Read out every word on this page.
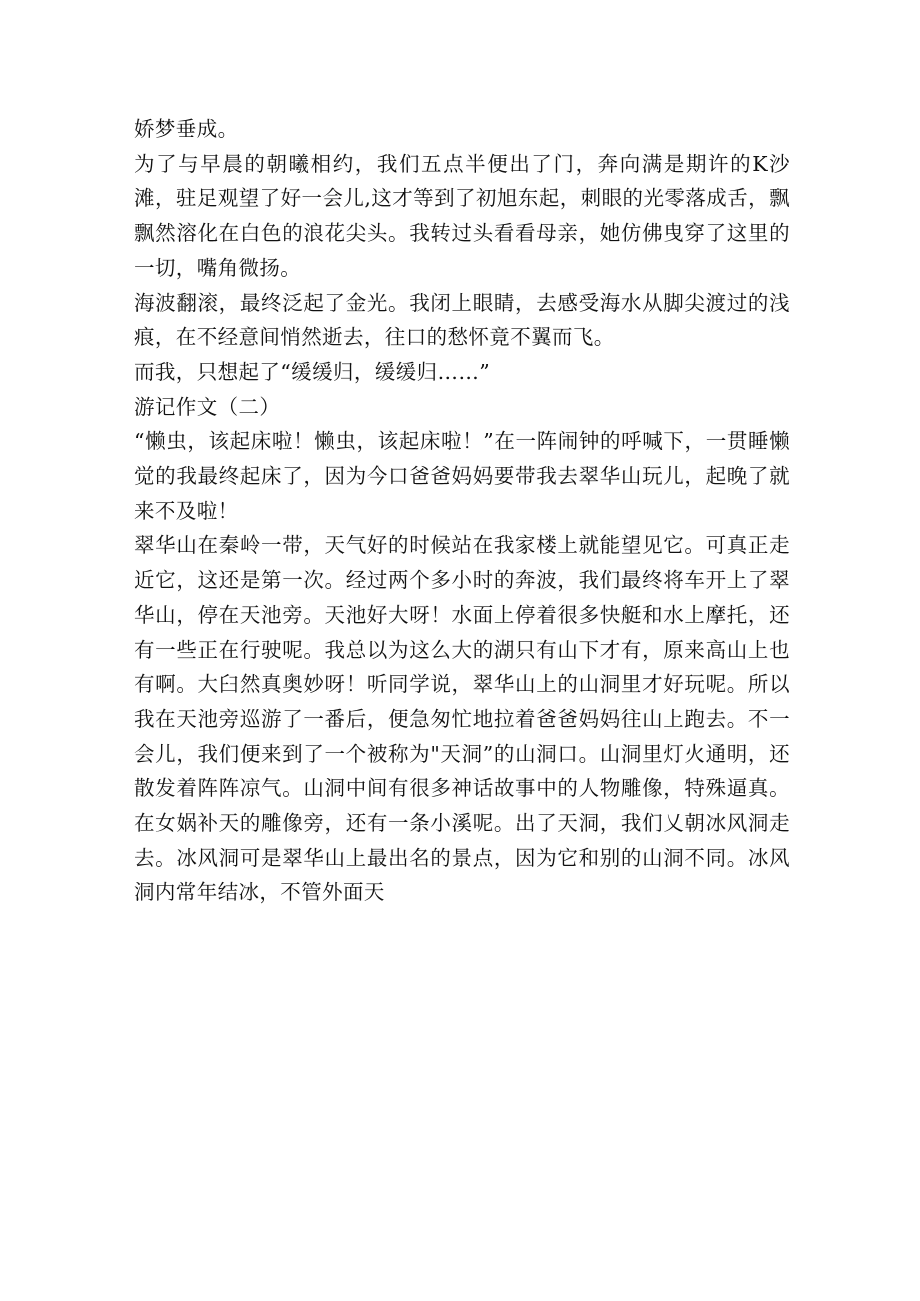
娇梦垂成。

为了与早晨的朝曦相约，我们五点半便出了门，奔向满是期许的K沙滩，驻足观望了好一会儿,这才等到了初旭东起，刺眼的光零落成舌，飘飘然溶化在白色的浪花尖头。我转过头看看母亲，她仿佛曳穿了这里的一切，嘴角微扬。

海波翻滚，最终泛起了金光。我闭上眼睛，去感受海水从脚尖渡过的浅痕，在不经意间悄然逝去，往口的愁怀竟不翼而飞。

而我，只想起了“缓缓归，缓缓归……”

游记作文（二）

“懒虫，该起床啦！懒虫，该起床啦！”在一阵闹钟的呼喊下，一贯睡懒觉的我最终起床了，因为今口爸爸妈妈要带我去翠华山玩儿，起晚了就来不及啦！

翠华山在秦岭一带，天气好的时候站在我家楼上就能望见它。可真正走近它，这还是第一次。经过两个多小时的奔波，我们最终将车开上了翠华山，停在天池旁。天池好大呀！水面上停着很多快艇和水上摩托，还有一些正在行驶呢。我总以为这么大的湖只有山下才有，原来高山上也有啊。大臼然真奥妙呀！听同学说，翠华山上的山洞里才好玩呢。所以我在天池旁巡游了一番后，便急匆忙地拉着爸爸妈妈往山上跑去。不一会儿，我们便来到了一个被称为"天洞”的山洞口。山洞里灯火通明，还散发着阵阵凉气。山洞中间有很多神话故事中的人物雕像，特殊逼真。在女娲补天的雕像旁，还有一条小溪呢。出了天洞，我们乂朝冰风洞走去。冰风洞可是翠华山上最出名的景点，因为它和别的山洞不同。冰风洞内常年结冰，不管外面天
